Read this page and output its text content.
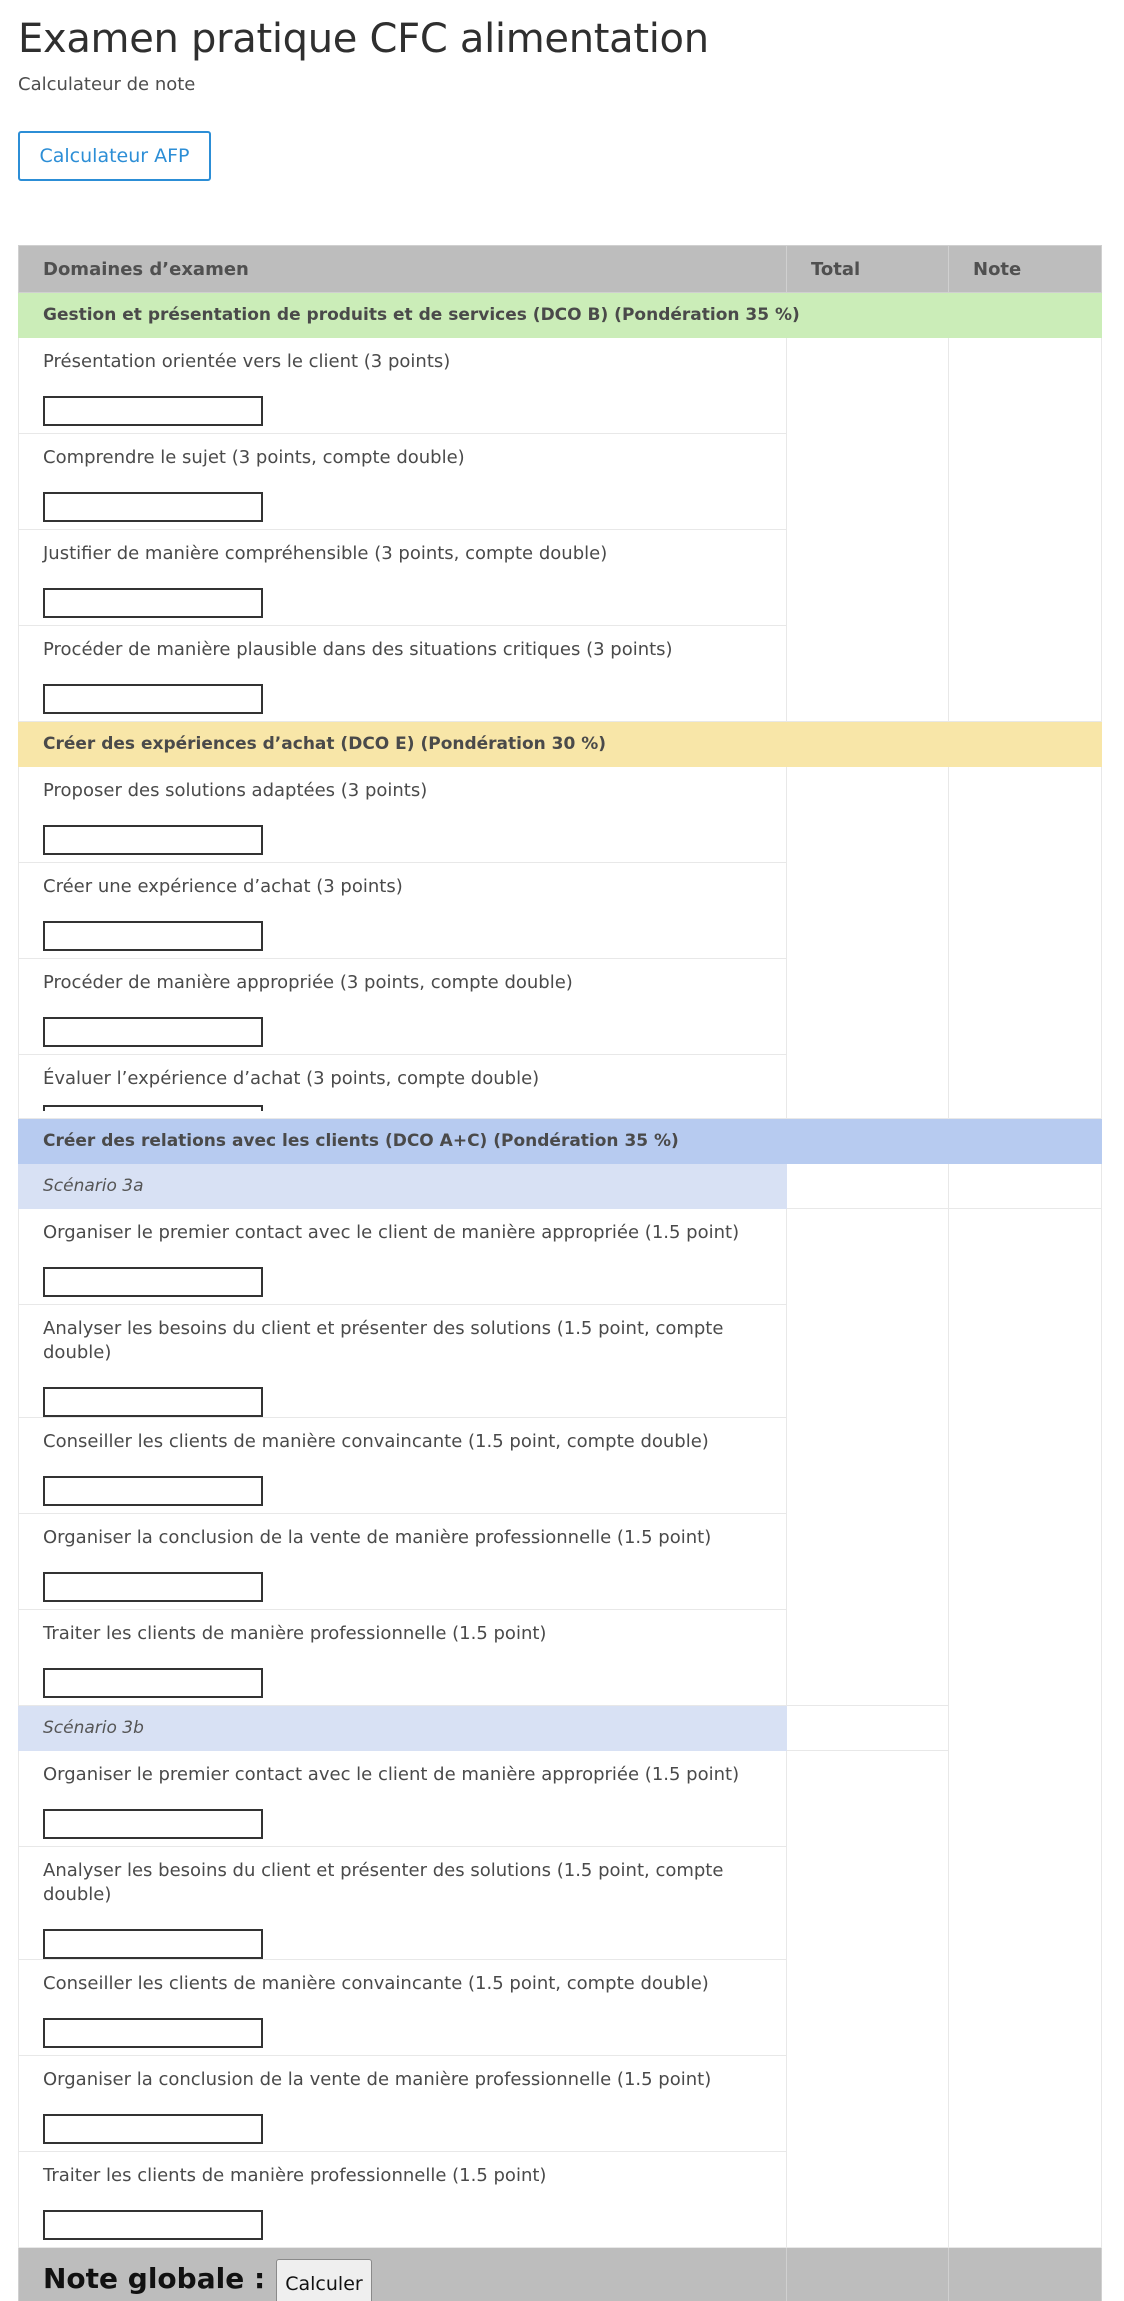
Examen pratique CFC alimentation

Calculateur de note

Calculateur AFP
Domaines d’examen	Total	Note
Gestion et présentation de produits et de services (DCO B) (Pondération 35 %)		

Présentation orientée vers le client (3 points)		

Comprendre le sujet (3 points, compte double)		

Justifier de manière compréhensible (3 points, compte double)		

Procéder de manière plausible dans des situations critiques (3 points)		

Créer des expériences d’achat (DCO E) (Pondération 30 %)		

Proposer des solutions adaptées (3 points)		

Créer une expérience d’achat (3 points)		

Procéder de manière appropriée (3 points, compte double)		

Évaluer l’expérience d’achat (3 points, compte double)		

Créer des relations avec les clients (DCO A+C) (Pondération 35 %)		
Scénario 3a		

Organiser le premier contact avec le client de manière appropriée (1.5 point)		

Analyser les besoins du client et présenter des solutions (1.5 point, compte double)		

Conseiller les clients de manière convaincante (1.5 point, compte double)		

Organiser la conclusion de la vente de manière professionnelle (1.5 point)		

Traiter les clients de manière professionnelle (1.5 point)		

Scénario 3b		

Organiser le premier contact avec le client de manière appropriée (1.5 point)		

Analyser les besoins du client et présenter des solutions (1.5 point, compte double)		

Conseiller les clients de manière convaincante (1.5 point, compte double)		

Organiser la conclusion de la vente de manière professionnelle (1.5 point)		

Traiter les clients de manière professionnelle (1.5 point)		

Note globale : Calculer		
